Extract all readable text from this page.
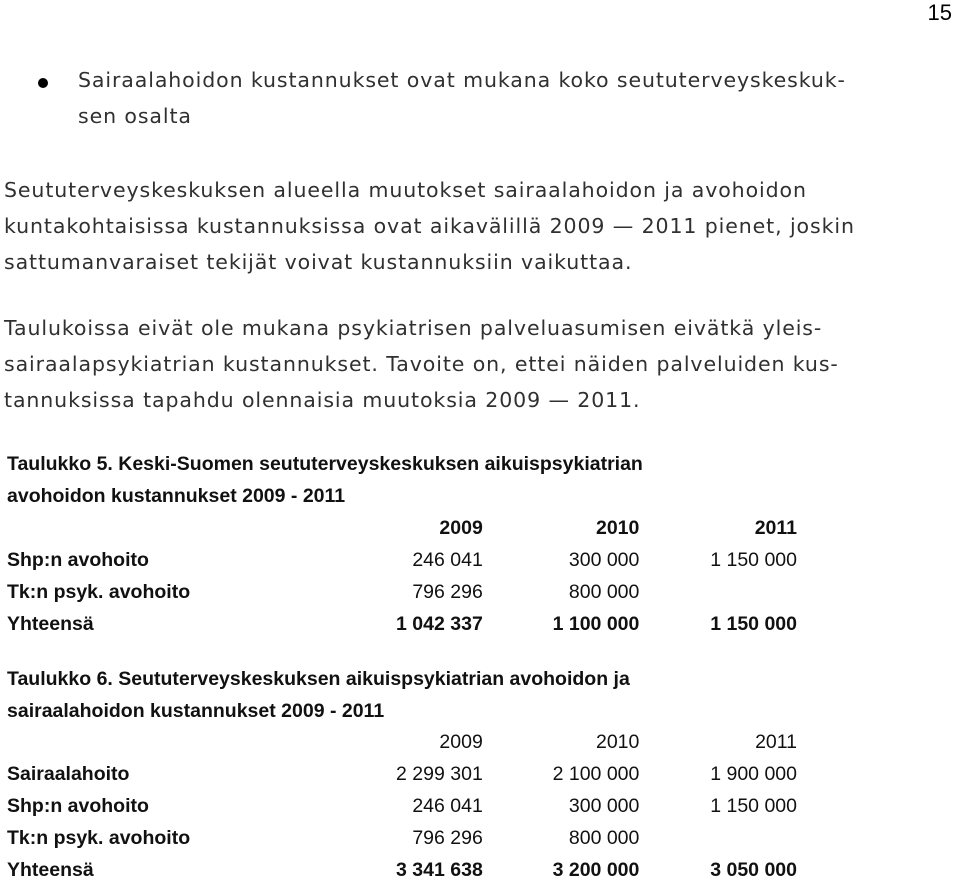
15
Sairaalahoidon kustannukset ovat mukana koko seututerveyskeskuk-
sen osalta
Seututerveyskeskuksen alueella muutokset sairaalahoidon ja avohoidon
kuntakohtaisissa kustannuksissa ovat aikavälillä 2009 — 2011 pienet, joskin
sattumanvaraiset tekijät voivat kustannuksiin vaikuttaa.
Taulukoissa eivät ole mukana psykiatrisen palveluasumisen eivätkä yleis-
sairaalapsykiatrian kustannukset. Tavoite on, ettei näiden palveluiden kus-
tannuksissa tapahdu olennaisia muutoksia 2009 — 2011.
Taulukko 5. Keski-Suomen seututerveyskeskuksen aikuispsykiatrian
avohoidon kustannukset 2009 - 2011
	2009	2010	2011
Shp:n avohoito	246 041	300 000	1 150 000
Tk:n psyk. avohoito	796 296	800 000	
Yhteensä	1 042 337	1 100 000	1 150 000
Taulukko 6. Seututerveyskeskuksen aikuispsykiatrian avohoidon ja
sairaalahoidon kustannukset 2009 - 2011
	2009	2010	2011
Sairaalahoito	2 299 301	2 100 000	1 900 000
Shp:n avohoito	246 041	300 000	1 150 000
Tk:n psyk. avohoito	796 296	800 000	
Yhteensä	3 341 638	3 200 000	3 050 000
